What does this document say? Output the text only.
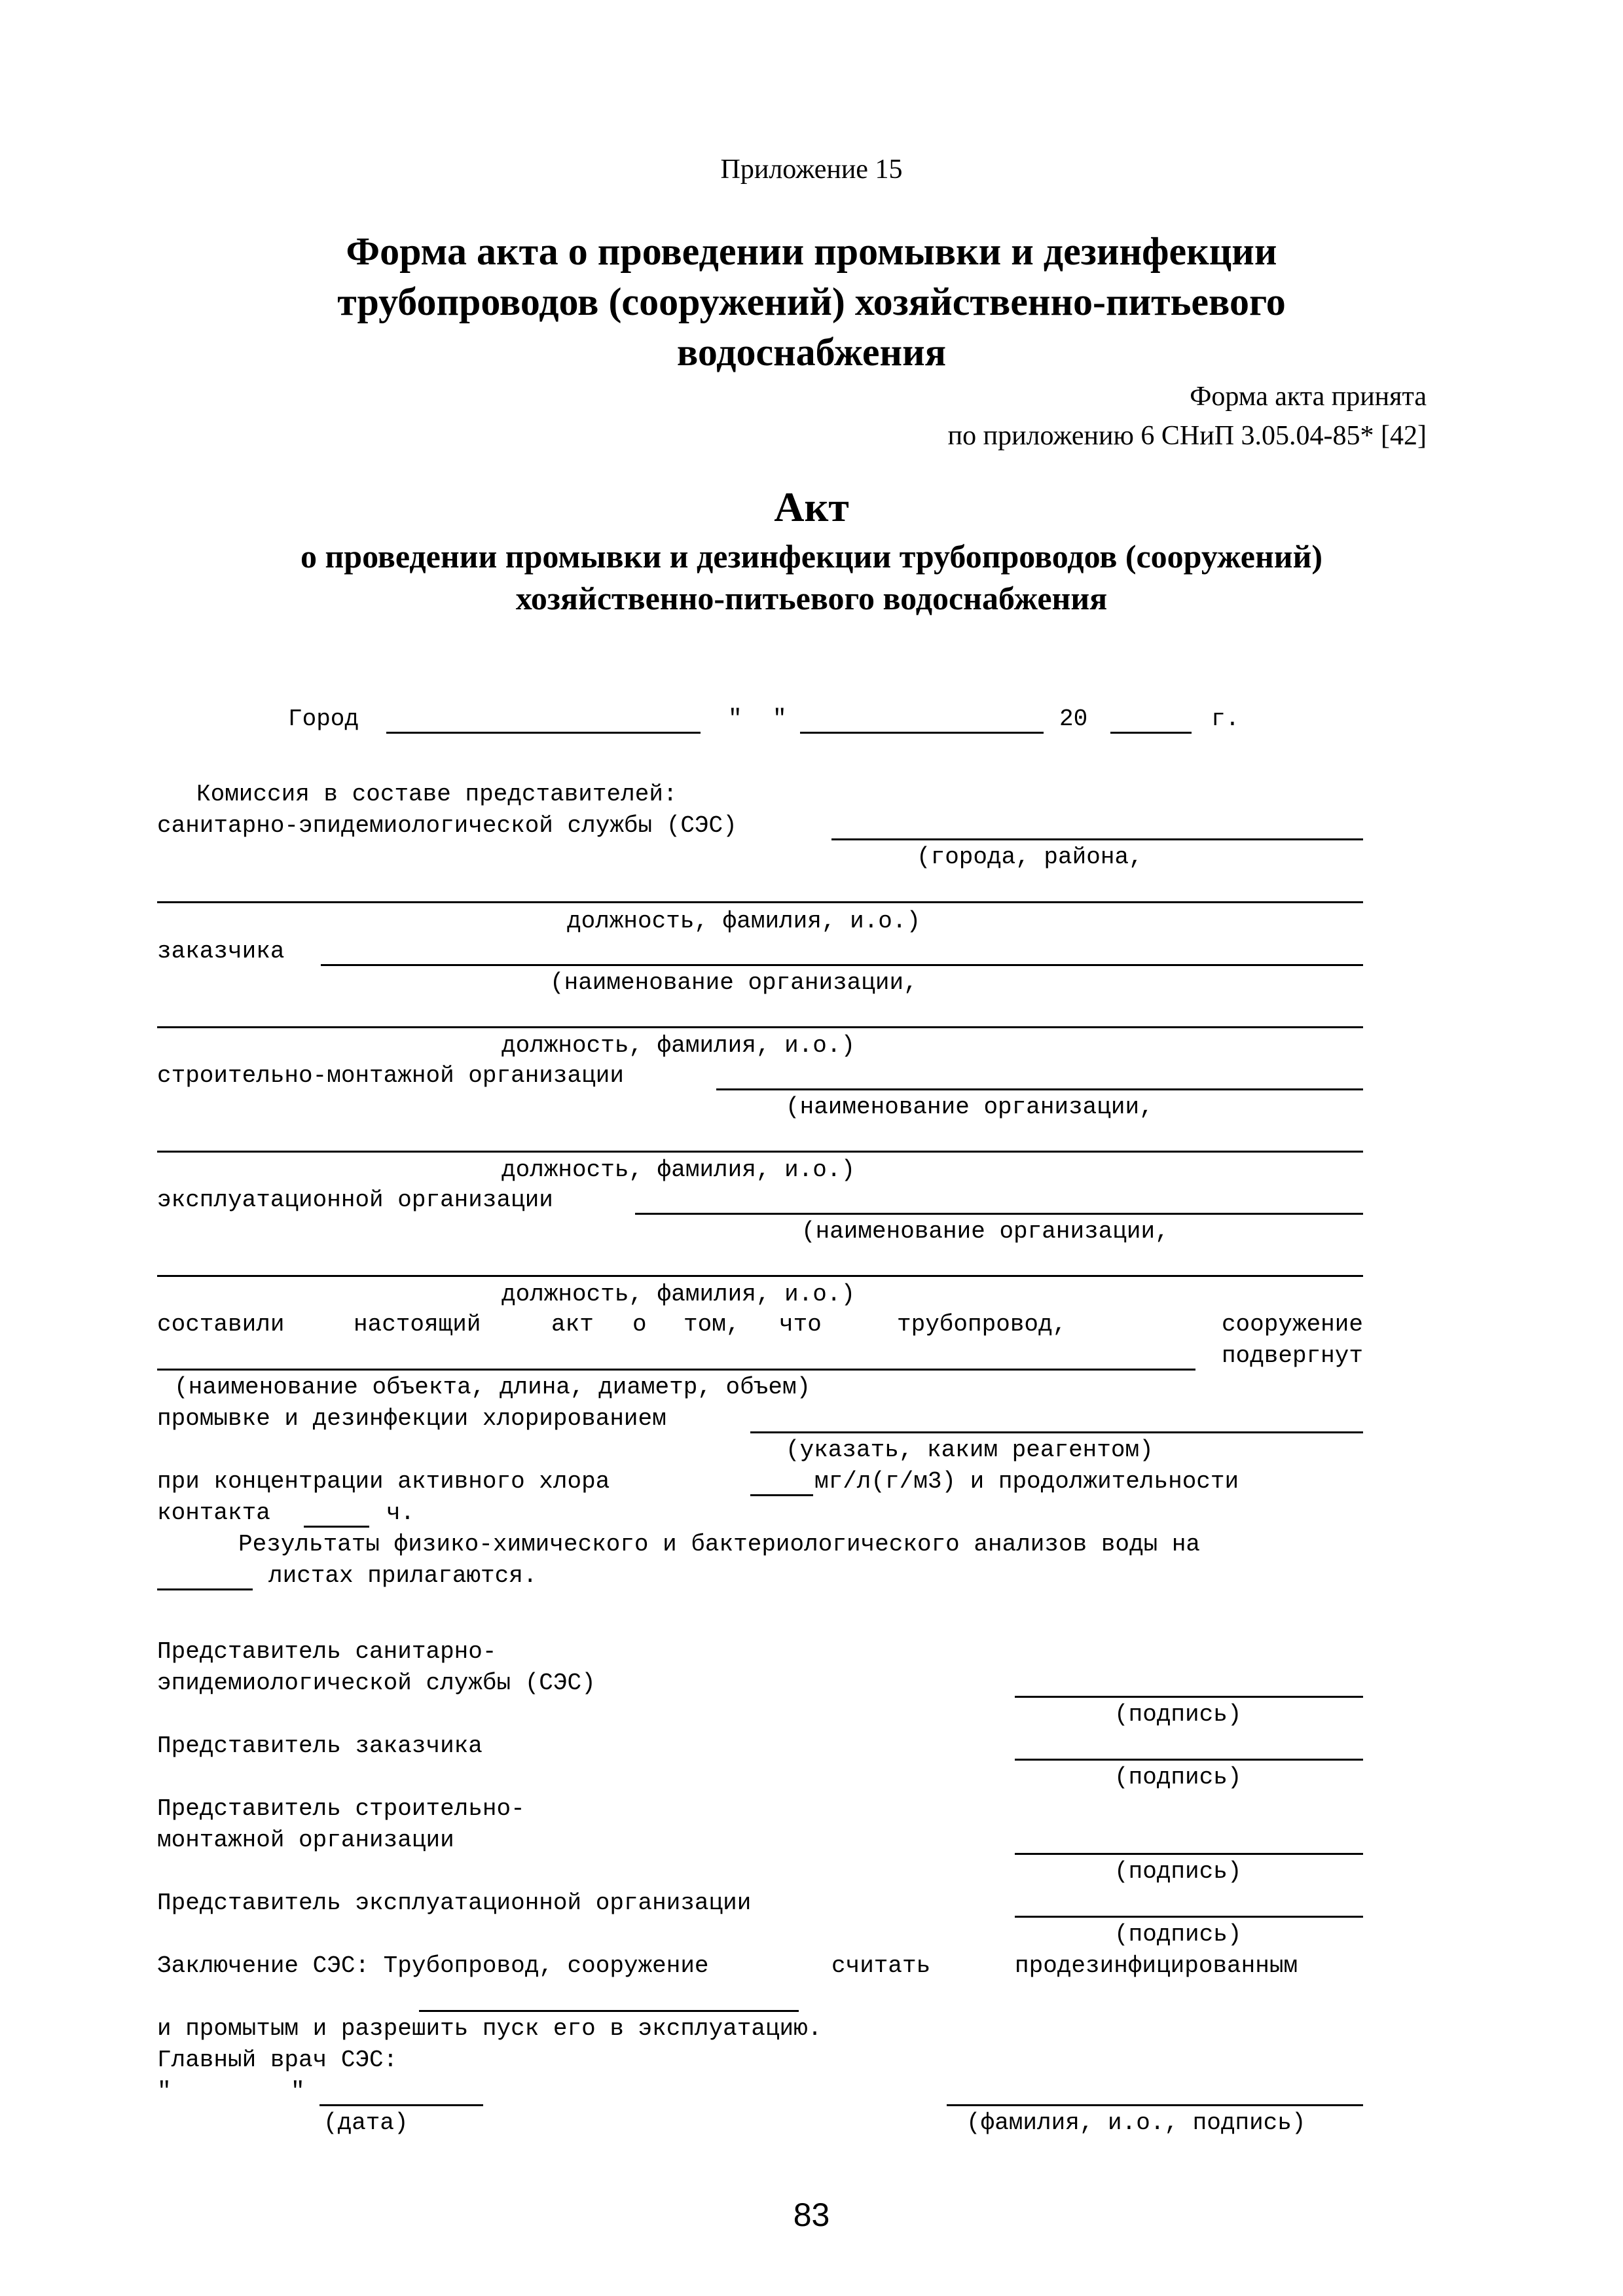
Приложение 15
Форма акта о проведении промывки и дезинфекции
трубопроводов (сооружений) хозяйственно-питьевого
водоснабжения
Форма акта принята
по приложению 6 СНиП 3.05.04-85* [42]
Акт
о проведении промывки и дезинфекции трубопроводов (сооружений)
хозяйственно-питьевого водоснабжения
Город	" "	20	г.
Комиссия в составе представителей:
санитарно-эпидемиологической службы (СЭС)
(города, района,
должность, фамилия, и.о.)
заказчика
(наименование организации,
должность, фамилия, и.о.)
строительно-монтажной организации
(наименование организации,
должность, фамилия, и.о.)
эксплуатационной организации
(наименование организации,
должность, фамилия, и.о.)
составили	настоящий	акт о том, что	трубопровод,	сооружение
подвергнут
(наименование объекта, длина, диаметр, объем)
промывке и дезинфекции хлорированием
(указать, каким реагентом)
при концентрации активного хлора	мг/л(г/м3) и продолжительности
контакта	ч.
Результаты физико-химического и бактериологического анализов воды на
листах прилагаются.
Представитель санитарно-
эпидемиологической службы (СЭС)
(подпись)
Представитель заказчика
(подпись)
Представитель строительно-
монтажной организации
(подпись)
Представитель эксплуатационной организации
(подпись)
Заключение СЭС: Трубопровод, сооружение	считать	продезинфицированным
и промытым и разрешить пуск его в эксплуатацию.
Главный врач СЭС:
"	"
(дата)	(фамилия, и.о., подпись)
83
